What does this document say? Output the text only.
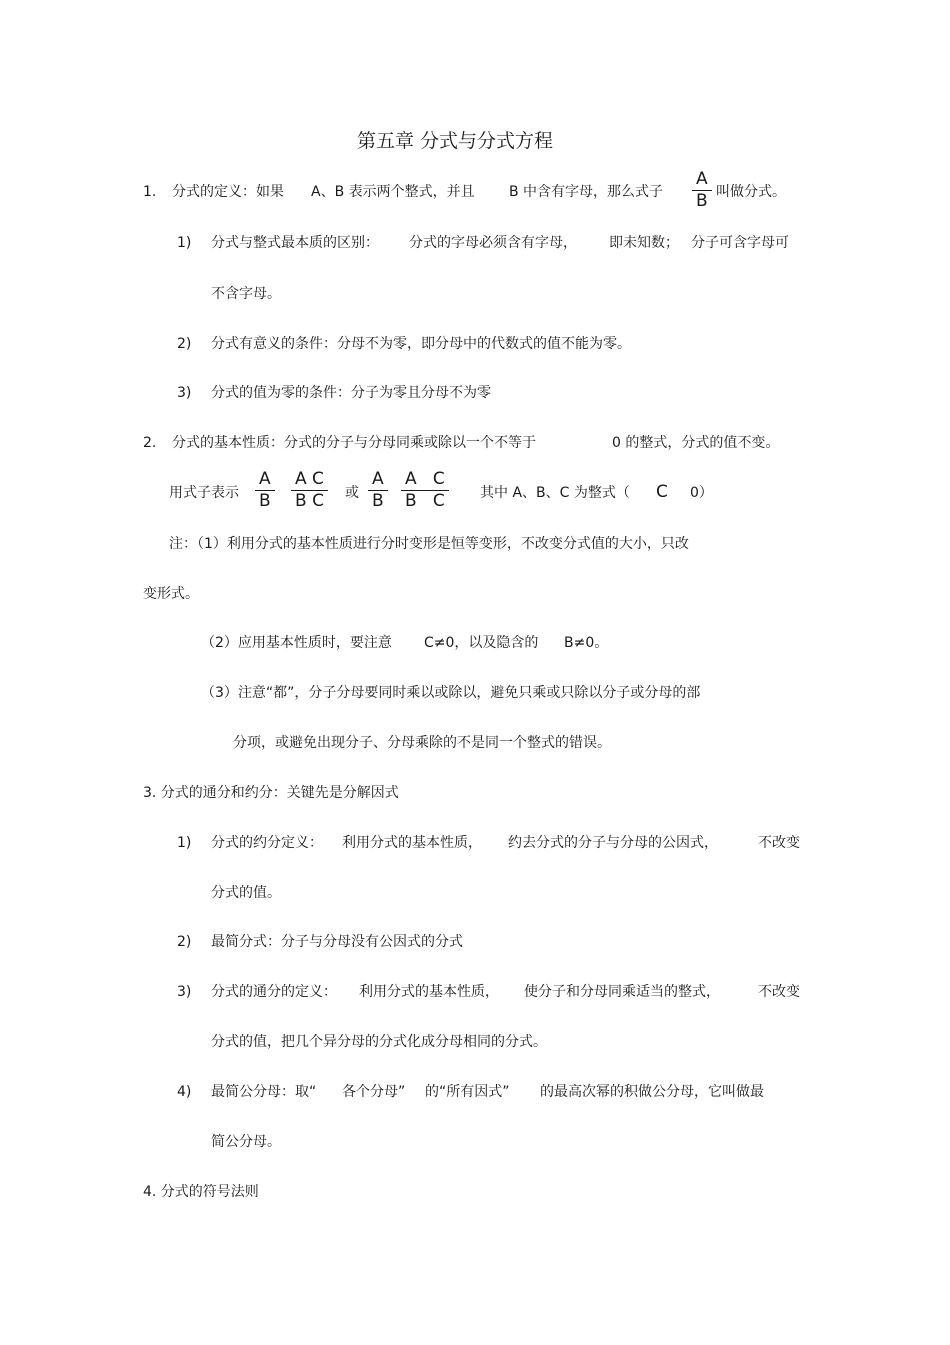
第五章 分式与分式方程
1. 分式的定义：如果 A、B 表示两个整式，并且 B 中含有字母，那么式子
A
B 叫做分式。
1) 分式与整式最本质的区别： 分式的字母必须含有字母， 即未知数； 分子可含字母可
不含字母。
2) 分式有意义的条件：分母不为零，即分母中的代数式的值不能为零。
3) 分式的值为零的条件：分子为零且分母不为零
2. 分式的基本性质：分式的分子与分母同乘或除以一个不等于	0 的整式，分式的值不变。
用式子表示
A
B
A C
B C 或
A
B
A   C
B   C	其中 A、B、C 为整式（ C 0）
注：（1）利用分式的基本性质进行分时变形是恒等变形，不改变分式值的大小，只改
变形式。
（2）应用基本性质时，要注意 C≠0，以及隐含的 B≠0。
（3）注意“都”，分子分母要同时乘以或除以，避免只乘或只除以分子或分母的部
分项，或避免出现分子、分母乘除的不是同一个整式的错误。
3. 分式的通分和约分：关键先是分解因式
1) 分式的约分定义： 利用分式的基本性质， 约去分式的分子与分母的公因式，	不改变
分式的值。
2) 最简分式：分子与分母没有公因式的分式
3) 分式的通分的定义： 利用分式的基本性质， 使分子和分母同乘适当的整式，	不改变
分式的值，把几个异分母的分式化成分母相同的分式。
4) 最简公分母：取“ 各个分母” 的“所有因式” 的最高次幂的积做公分母，它叫做最
简公分母。
4. 分式的符号法则
